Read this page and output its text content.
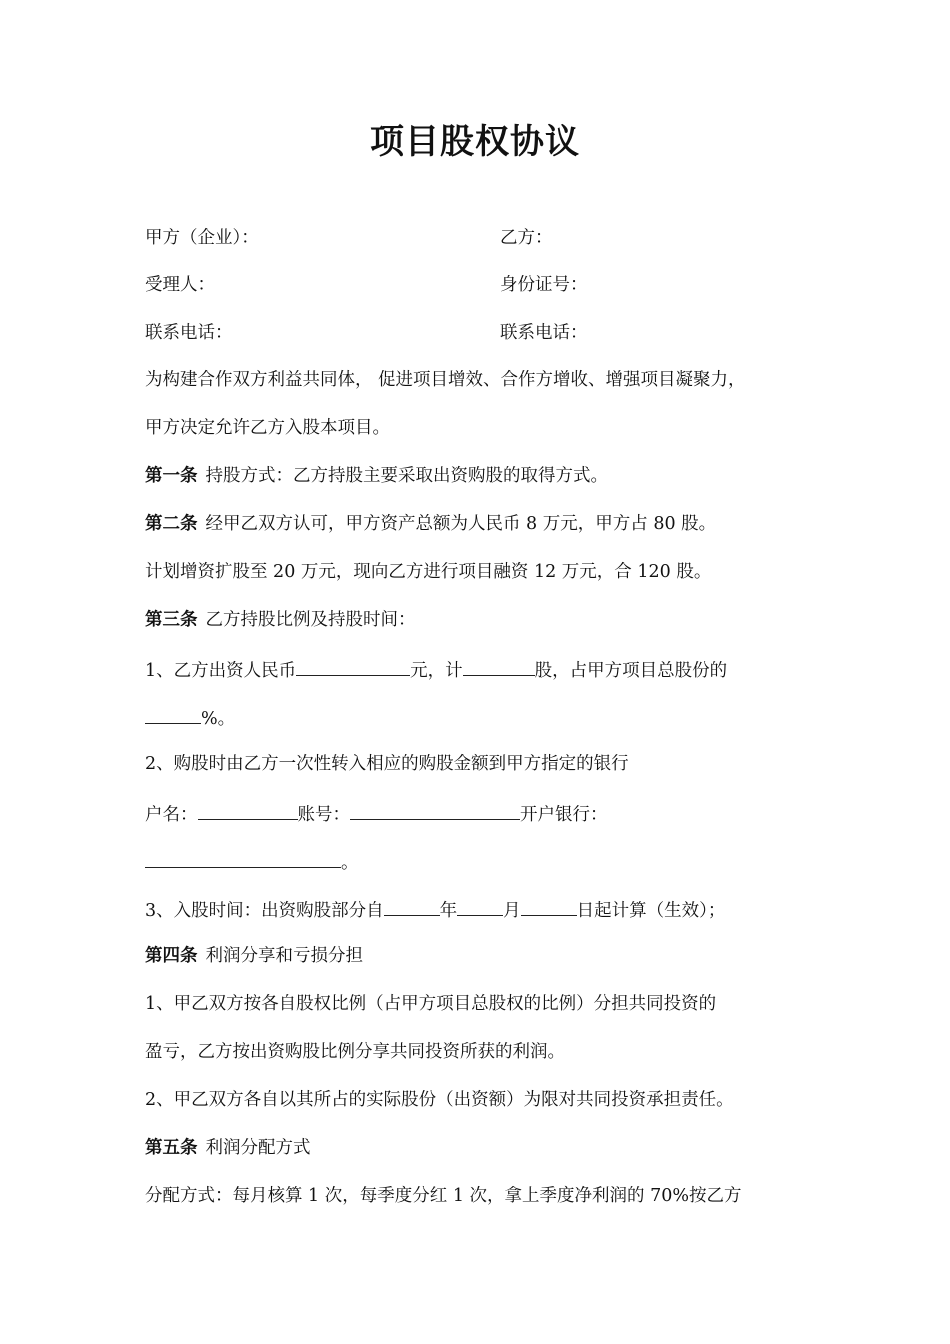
项目股权协议
甲方（企业）：	乙方：
受理人：	身份证号：
联系电话：	联系电话：
为构建合作双方利益共同体， 促进项目增效、合作方增收、增强项目凝聚力，
甲方决定允许乙方入股本项目。
第一条 持股方式：乙方持股主要采取出资购股的取得方式。
第二条 经甲乙双方认可，甲方资产总额为人民币 8 万元，甲方占 80 股。
计划增资扩股至 20 万元，现向乙方进行项目融资 12 万元，合 120 股。
第三条 乙方持股比例及持股时间：
1、乙方出资人民币	元，计	股，占甲方项目总股份的
%。
2、购股时由乙方一次性转入相应的购股金额到甲方指定的银行
户名：	账号：	开户银行：
。
3、入股时间：出资购股部分自	年	月	日起计算（生效）；
第四条 利润分享和亏损分担
1、甲乙双方按各自股权比例（占甲方项目总股权的比例）分担共同投资的
盈亏，乙方按出资购股比例分享共同投资所获的利润。
2、甲乙双方各自以其所占的实际股份（出资额）为限对共同投资承担责任。
第五条 利润分配方式
分配方式：每月核算 1 次，每季度分红 1 次，拿上季度净利润的 70%按乙方
